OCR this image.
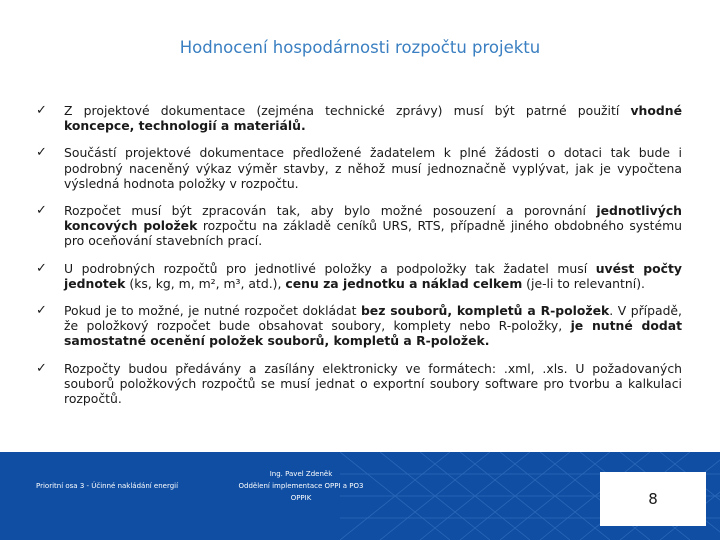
Hodnocení hospodárnosti rozpočtu projektu
✓ Z projektové dokumentace (zejména technické zprávy) musí být patrné použití vhodné koncepce, technologií a materiálů.
✓ Součástí projektové dokumentace předložené žadatelem k plné žádosti o dotaci tak bude i podrobný naceněný výkaz výměr stavby, z něhož musí jednoznačně vyplývat, jak je vypočtena výsledná hodnota položky v rozpočtu.
✓ Rozpočet musí být zpracován tak, aby bylo možné posouzení a porovnání jednotlivých koncových položek rozpočtu na základě ceníků URS, RTS, případně jiného obdobného systému pro oceňování stavebních prací.
✓ U podrobných rozpočtů pro jednotlivé položky a podpoložky tak žadatel musí uvést počty jednotek (ks, kg, m, m², m³, atd.), cenu za jednotku a náklad celkem (je-li to relevantní).
✓ Pokud je to možné, je nutné rozpočet dokládat bez souborů, kompletů a R-položek. V případě, že položkový rozpočet bude obsahovat soubory, komplety nebo R-položky, je nutné dodat samostatné ocenění položek souborů, kompletů a R-položek.
✓ Rozpočty budou předávány a zasílány elektronicky ve formátech: .xml, .xls. U požadovaných souborů položkových rozpočtů se musí jednat o exportní soubory software pro tvorbu a kalkulaci rozpočtů.
Prioritní osa 3 - Účinné nakládání energií
Ing. Pavel Zdeněk
Oddělení implementace OPPI a PO3
OPPIK	8
